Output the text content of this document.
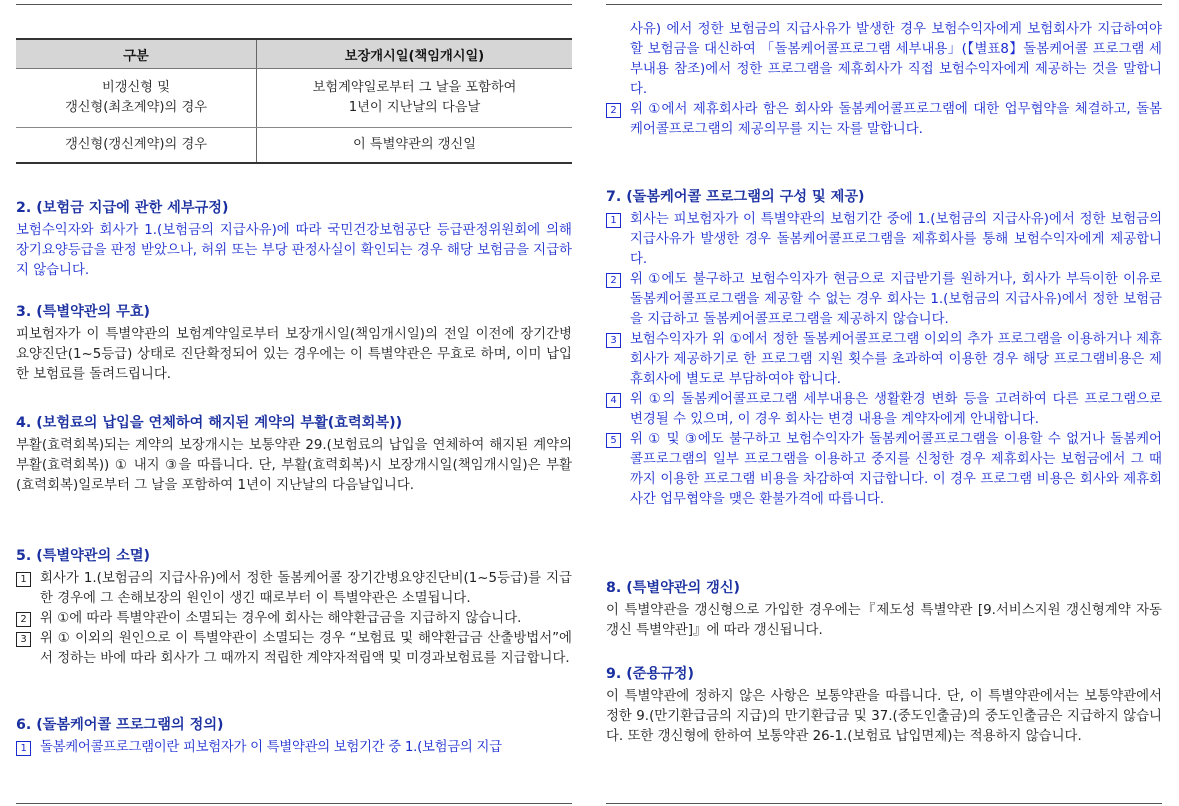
구분	보장개시일(책임개시일)
비갱신형 및
갱신형(최초계약)의 경우	보험계약일로부터 그 날을 포함하여
1년이 지난날의 다음날
갱신형(갱신계약)의 경우	이 특별약관의 갱신일

2. (보험금 지급에 관한 세부규정)

보험수익자와 회사가 1.(보험금의 지급사유)에 따라 국민건강보험공단 등급판정위원회에 의해 장기요양등급을 판정 받았으나, 허위 또는 부당 판정사실이 확인되는 경우 해당 보험금을 지급하지 않습니다.

3. (특별약관의 무효)

피보험자가 이 특별약관의 보험계약일로부터 보장개시일(책임개시일)의 전일 이전에 장기간병요양진단(1~5등급) 상태로 진단확정되어 있는 경우에는 이 특별약관은 무효로 하며, 이미 납입한 보험료를 돌려드립니다.

4. (보험료의 납입을 연체하여 해지된 계약의 부활(효력회복))

부활(효력회복)되는 계약의 보장개시는 보통약관 29.(보험료의 납입을 연체하여 해지된 계약의 부활(효력회복)) ① 내지 ③을 따릅니다. 단, 부활(효력회복)시 보장개시일(책임개시일)은 부활(효력회복)일로부터 그 날을 포함하여 1년이 지난날의 다음날입니다.

5. (특별약관의 소멸)

1 회사가 1.(보험금의 지급사유)에서 정한 돌봄케어콜 장기간병요양진단비(1~5등급)를 지급한 경우에 그 손해보장의 원인이 생긴 때로부터 이 특별약관은 소멸됩니다.
2 위 ①에 따라 특별약관이 소멸되는 경우에 회사는 해약환급금을 지급하지 않습니다.
3 위 ① 이외의 원인으로 이 특별약관이 소멸되는 경우 “보험료 및 해약환급금 산출방법서”에서 정하는 바에 따라 회사가 그 때까지 적립한 계약자적립액 및 미경과보험료를 지급합니다.

6. (돌봄케어콜 프로그램의 정의)

1	돌봄케어콜프로그램이란 피보험자가 이 특별약관의 보험기간 중 1.(보험금의 지급
사유) 에서 정한 보험금의 지급사유가 발생한 경우 보험수익자에게 보험회사가 지급하여야 할 보험금을 대신하여 「돌봄케어콜프로그램 세부내용」(【별표8】돌봄케어콜 프로그램 세부내용 참조)에서 정한 프로그램을 제휴회사가 직접 보험수익자에게 제공하는 것을 말합니다.
2 위 ①에서 제휴회사라 함은 회사와 돌봄케어콜프로그램에 대한 업무협약을 체결하고, 돌봄케어콜프로그램의 제공의무를 지는 자를 말합니다.

7. (돌봄케어콜 프로그램의 구성 및 제공)

1 회사는 피보험자가 이 특별약관의 보험기간 중에 1.(보험금의 지급사유)에서 정한 보험금의 지급사유가 발생한 경우 돌봄케어콜프로그램을 제휴회사를 통해 보험수익자에게 제공합니다.
2 위 ①에도 불구하고 보험수익자가 현금으로 지급받기를 원하거나, 회사가 부득이한 이유로 돌봄케어콜프로그램을 제공할 수 없는 경우 회사는 1.(보험금의 지급사유)에서 정한 보험금을 지급하고 돌봄케어콜프로그램을 제공하지 않습니다.
3 보험수익자가 위 ①에서 정한 돌봄케어콜프로그램 이외의 추가 프로그램을 이용하거나 제휴회사가 제공하기로 한 프로그램 지원 횟수를 초과하여 이용한 경우 해당 프로그램비용은 제휴회사에 별도로 부담하여야 합니다.
4 위 ①의 돌봄케어콜프로그램 세부내용은 생활환경 변화 등을 고려하여 다른 프로그램으로 변경될 수 있으며, 이 경우 회사는 변경 내용을 계약자에게 안내합니다.
5 위 ① 및 ③에도 불구하고 보험수익자가 돌봄케어콜프로그램을 이용할 수 없거나 돌봄케어콜프로그램의 일부 프로그램을 이용하고 중지를 신청한 경우 제휴회사는 보험금에서 그 때까지 이용한 프로그램 비용을 차감하여 지급합니다. 이 경우 프로그램 비용은 회사와 제휴회사간 업무협약을 맺은 환불가격에 따릅니다.

8. (특별약관의 갱신)

이 특별약관을 갱신형으로 가입한 경우에는『제도성 특별약관 [9.서비스지원 갱신형계약 자동갱신 특별약관]』에 따라 갱신됩니다.

9. (준용규정)

이 특별약관에 정하지 않은 사항은 보통약관을 따릅니다. 단, 이 특별약관에서는 보통약관에서 정한 9.(만기환급금의 지급)의 만기환급금 및 37.(중도인출금)의 중도인출금은 지급하지 않습니다. 또한 갱신형에 한하여 보통약관 26-1.(보험료 납입면제)는 적용하지 않습니다.
